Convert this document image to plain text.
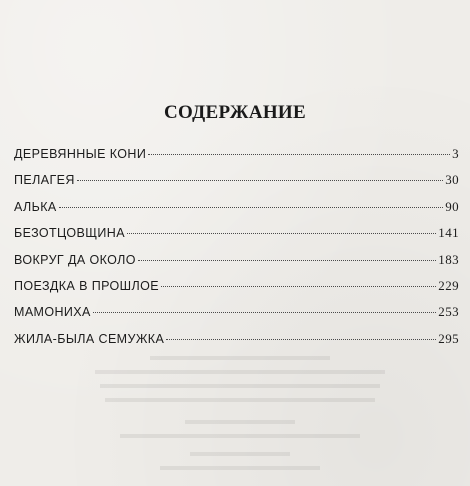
СОДЕРЖАНИЕ
ДЕРЕВЯННЫЕ КОНИ	3
ПЕЛАГЕЯ	30
АЛЬКА	90
БЕЗОТЦОВЩИНА	141
ВОКРУГ ДА ОКОЛО	183
ПОЕЗДКА В ПРОШЛОЕ	229
МАМОНИХА	253
ЖИЛА-БЫЛА СЕМУЖКА	295
